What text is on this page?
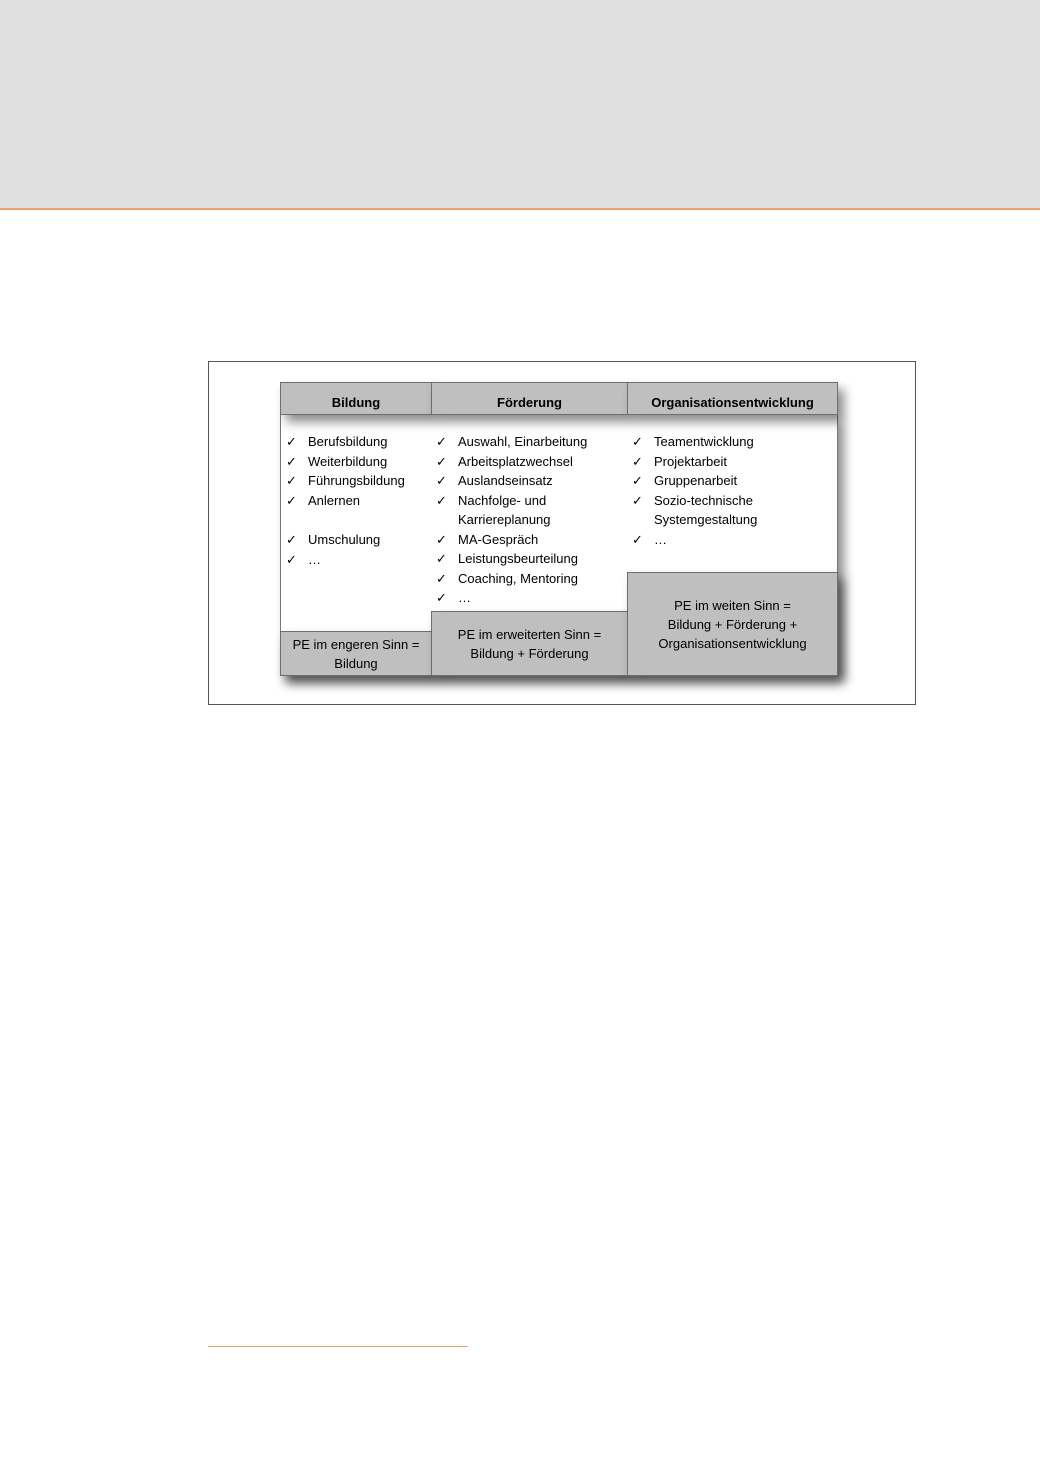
Bildung	Förderung	Organisationsentwicklung
✓ Berufsbildung
✓ Weiterbildung
✓ Führungsbildung
✓ Anlernen
✓ Umschulung
✓ …
✓ Auswahl, Einarbeitung
✓ Arbeitsplatzwechsel
✓ Auslandseinsatz
✓ Nachfolge- und
Karriereplanung
✓ MA-Gespräch
✓ Leistungsbeurteilung
✓ Coaching, Mentoring
✓ …
✓ Teamentwicklung
✓ Projektarbeit
✓ Gruppenarbeit
✓ Sozio-technische
Systemgestaltung
✓ …
PE im engeren Sinn =
Bildung
PE im erweiterten Sinn =
Bildung + Förderung
PE im weiten Sinn =
Bildung + Förderung +
Organisationsentwicklung
